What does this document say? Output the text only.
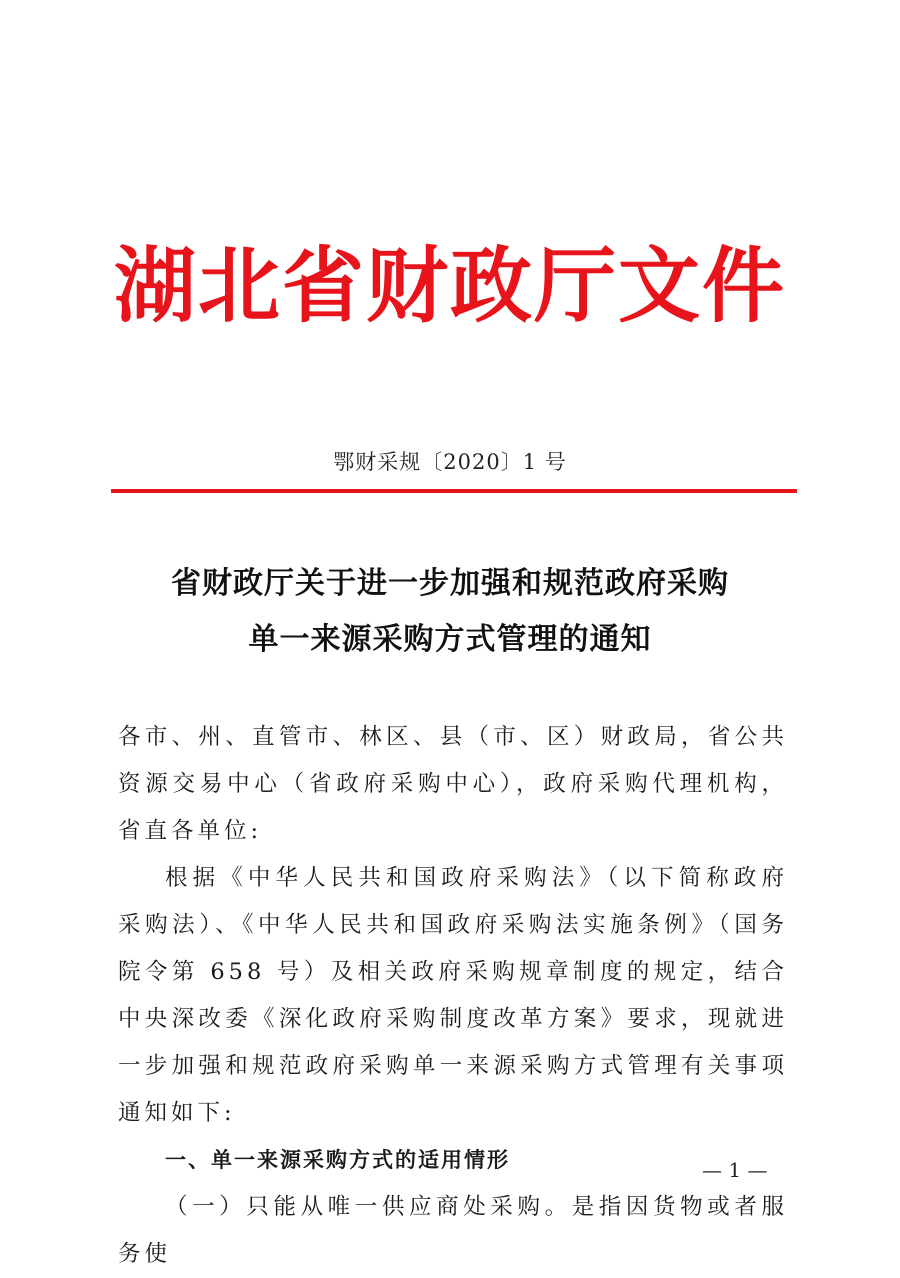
湖北省财政厅文件
鄂财采规〔2020〕1 号
省财政厅关于进一步加强和规范政府采购
单一来源采购方式管理的通知

各市、州、直管市、林区、县（市、区）财政局，省公共资源交易中心（省政府采购中心），政府采购代理机构，省直各单位:

根据《中华人民共和国政府采购法》（以下简称政府采购法）、《中华人民共和国政府采购法实施条例》（国务院令第 658 号）及相关政府采购规章制度的规定，结合中央深改委《深化政府采购制度改革方案》要求，现就进一步加强和规范政府采购单一来源采购方式管理有关事项通知如下:

一、单一来源采购方式的适用情形

（一）只能从唯一供应商处采购。是指因货物或者服务使

— 1 —
